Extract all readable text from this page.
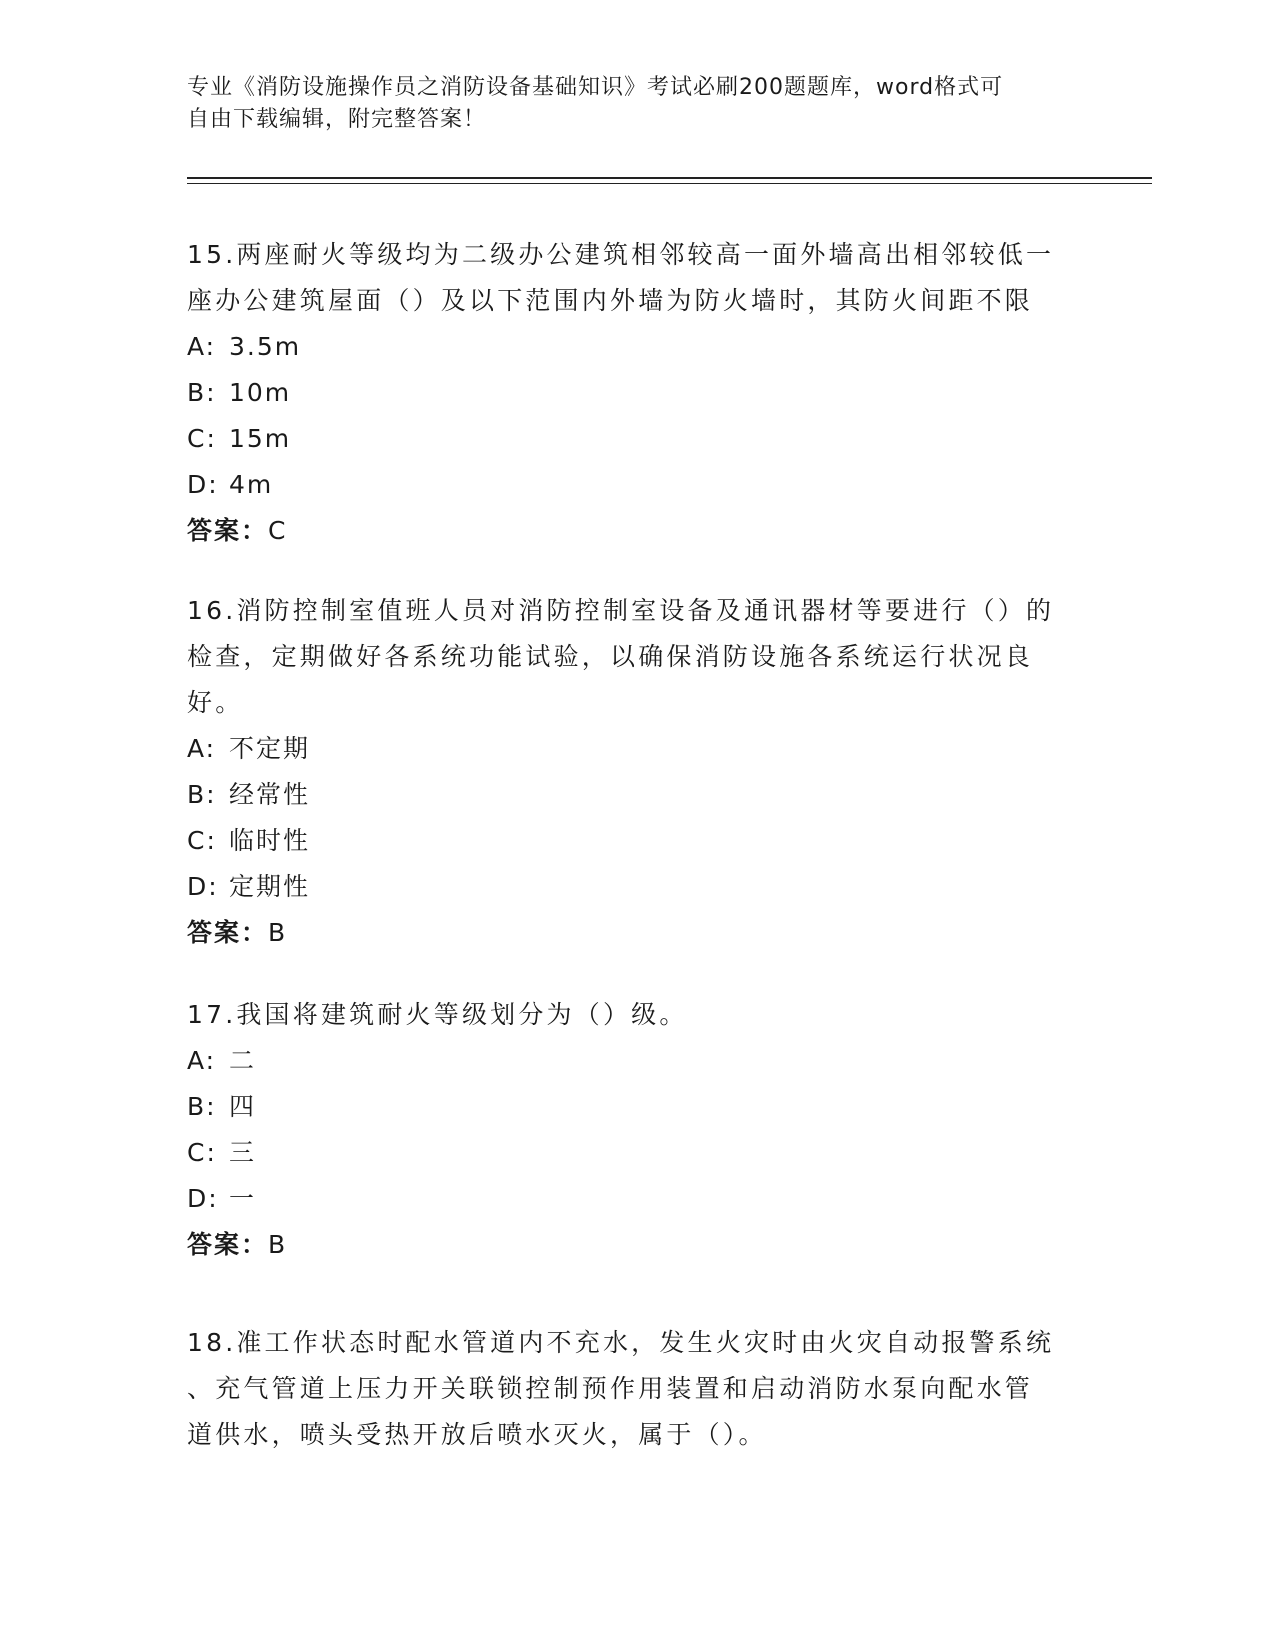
专业《消防设施操作员之消防设备基础知识》考试必刷200题题库，word格式可
自由下载编辑，附完整答案！

15.两座耐火等级均为二级办公建筑相邻较高一面外墙高出相邻较低一

座办公建筑屋面（）及以下范围内外墙为防火墙时，其防火间距不限

A: 3.5m

B: 10m

C: 15m

D: 4m

答案：C

16.消防控制室值班人员对消防控制室设备及通讯器材等要进行（）的

检查，定期做好各系统功能试验，以确保消防设施各系统运行状况良

好。

A: 不定期

B: 经常性

C: 临时性

D: 定期性

答案：B

17.我国将建筑耐火等级划分为（）级。

A: 二

B: 四

C: 三

D: 一

答案：B

18.准工作状态时配水管道内不充水，发生火灾时由火灾自动报警系统

、充气管道上压力开关联锁控制预作用装置和启动消防水泵向配水管

道供水，喷头受热开放后喷水灭火，属于（）。
